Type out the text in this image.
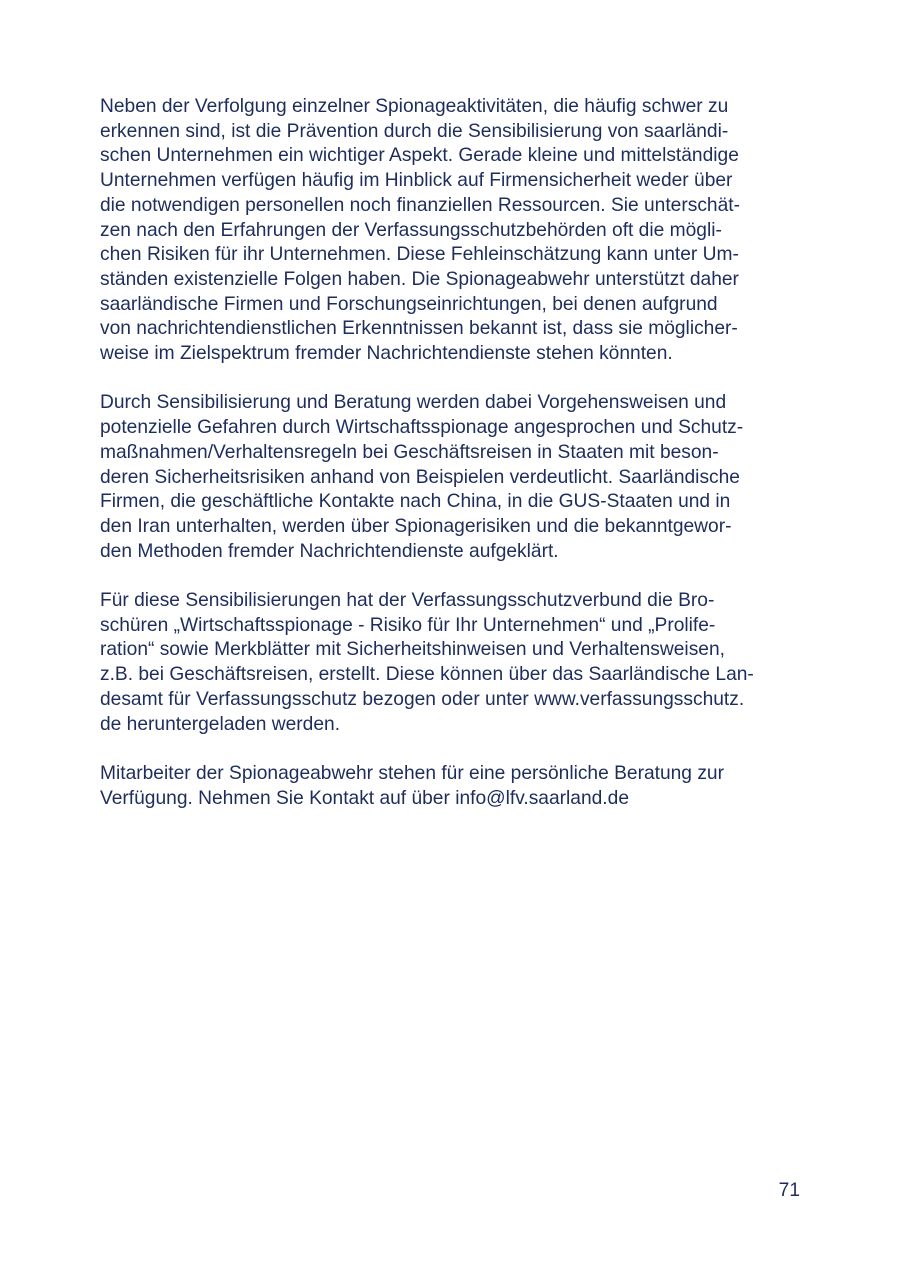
Neben der Verfolgung einzelner Spionageaktivitäten, die häufig schwer zu
erkennen sind, ist die Prävention durch die Sensibilisierung von saarländi-
schen Unternehmen ein wichtiger Aspekt. Gerade kleine und mittelständige
Unternehmen verfügen häufig im Hinblick auf Firmensicherheit weder über
die notwendigen personellen noch finanziellen Ressourcen. Sie unterschät-
zen nach den Erfahrungen der Verfassungsschutzbehörden oft die mögli-
chen Risiken für ihr Unternehmen. Diese Fehleinschätzung kann unter Um-
ständen existenzielle Folgen haben. Die Spionageabwehr unterstützt daher
saarländische Firmen und Forschungseinrichtungen, bei denen aufgrund
von nachrichtendienstlichen Erkenntnissen bekannt ist, dass sie möglicher-
weise im Zielspektrum fremder Nachrichtendienste stehen könnten.
Durch Sensibilisierung und Beratung werden dabei Vorgehensweisen und
potenzielle Gefahren durch Wirtschaftsspionage angesprochen und Schutz-
maßnahmen/Verhaltensregeln bei Geschäftsreisen in Staaten mit beson-
deren Sicherheitsrisiken anhand von Beispielen verdeutlicht. Saarländische
Firmen, die geschäftliche Kontakte nach China, in die GUS-Staaten und in
den Iran unterhalten, werden über Spionagerisiken und die bekanntgewor-
den Methoden fremder Nachrichtendienste aufgeklärt.
Für diese Sensibilisierungen hat der Verfassungsschutzverbund die Bro-
schüren „Wirtschaftsspionage - Risiko für Ihr Unternehmen“ und „Prolife-
ration“ sowie Merkblätter mit Sicherheitshinweisen und Verhaltensweisen,
z.B. bei Geschäftsreisen, erstellt. Diese können über das Saarländische Lan-
desamt für Verfassungsschutz bezogen oder unter www.verfassungsschutz.
de heruntergeladen werden.
Mitarbeiter der Spionageabwehr stehen für eine persönliche Beratung zur
Verfügung. Nehmen Sie Kontakt auf über info@lfv.saarland.de
71
